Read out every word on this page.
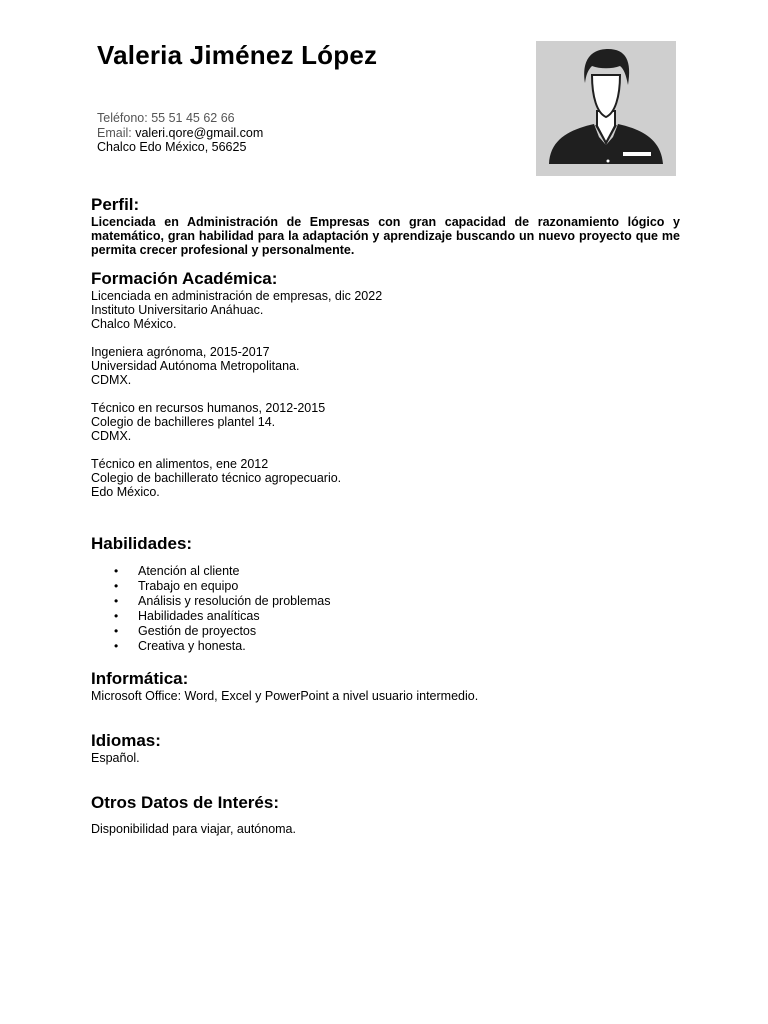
Valeria Jiménez López
Teléfono: 55 51 45 62 66
Email: valeri.qore@gmail.com
Chalco Edo México, 56625
Perfil:
Licenciada en Administración de Empresas con gran capacidad de razonamiento lógico y matemático, gran habilidad para la adaptación y aprendizaje buscando un nuevo proyecto que me permita crecer profesional y personalmente.
Formación Académica:
Licenciada en administración de empresas, dic 2022
Instituto Universitario Anáhuac.
Chalco México.
Ingeniera agrónoma, 2015-2017
Universidad Autónoma Metropolitana.
CDMX.
Técnico en recursos humanos, 2012-2015
Colegio de bachilleres plantel 14.
CDMX.
Técnico en alimentos, ene 2012
Colegio de bachillerato técnico agropecuario.
Edo México.
Habilidades:
• Atención al cliente
• Trabajo en equipo
• Análisis y resolución de problemas
• Habilidades analíticas
• Gestión de proyectos
• Creativa y honesta.
Informática:
Microsoft Office: Word, Excel y PowerPoint a nivel usuario intermedio.
Idiomas:
Español.
Otros Datos de Interés:
Disponibilidad para viajar, autónoma.
